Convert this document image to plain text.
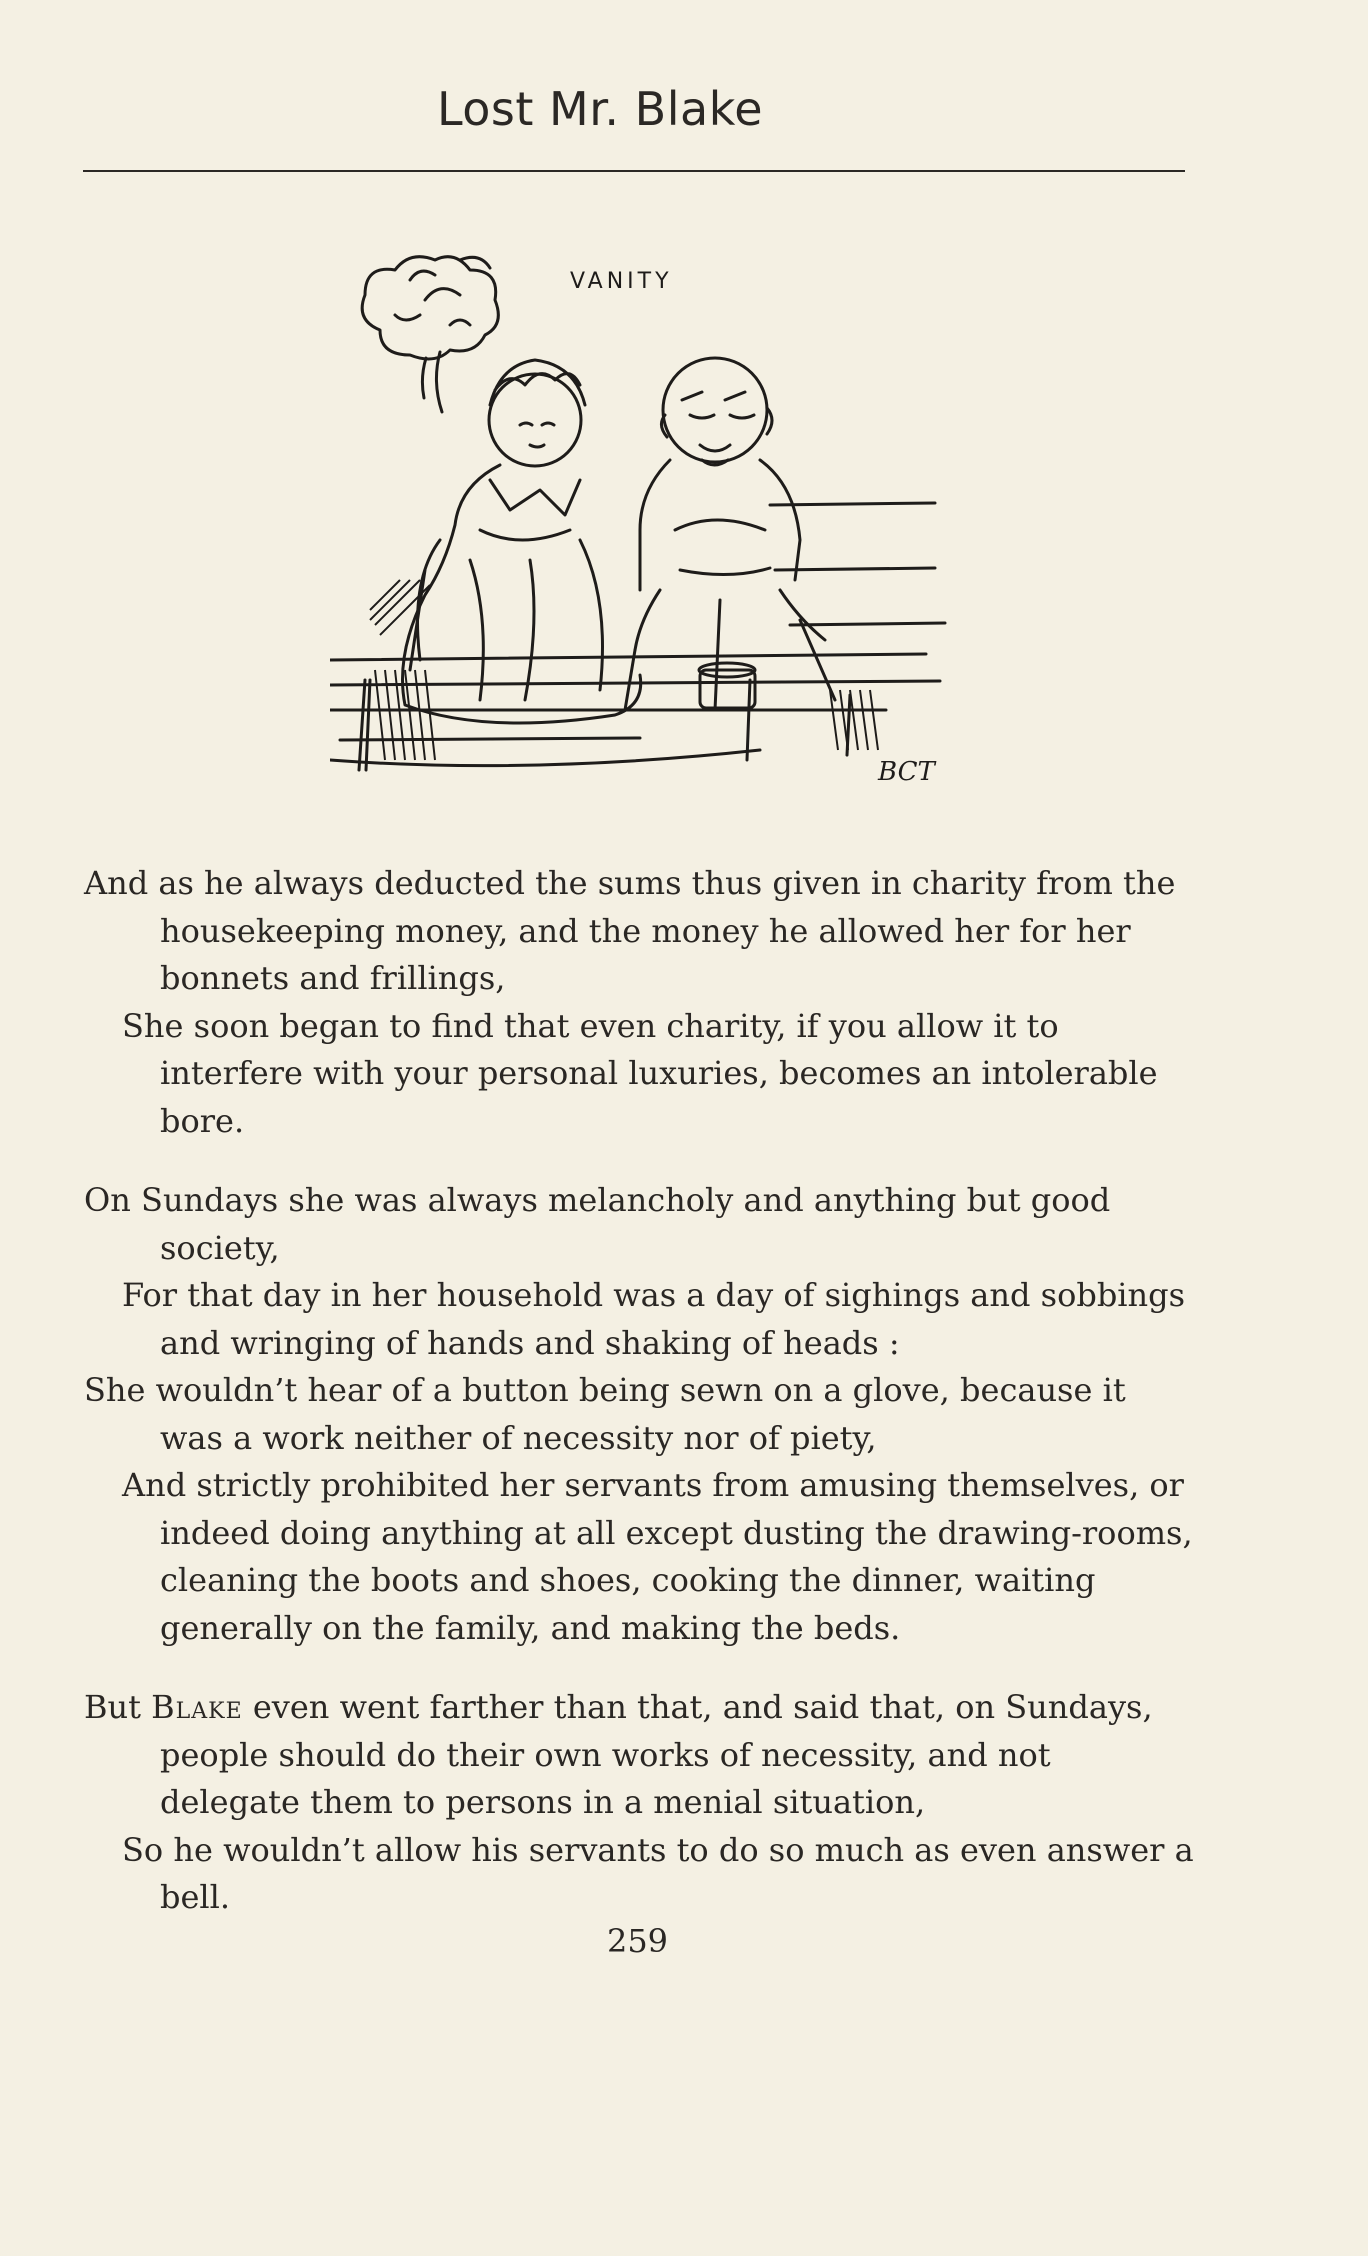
Lost Mr. Blake
VANITY
BCT

And as he always deducted the sums thus given in charity from the housekeeping money, and the money he allowed her for her bonnets and frillings,

She soon began to find that even charity, if you allow it to interfere with your personal luxuries, becomes an intolerable bore.

On Sundays she was always melancholy and anything but good society,

For that day in her household was a day of sighings and sobbings and wringing of hands and shaking of heads :

She wouldn’t hear of a button being sewn on a glove, because it was a work neither of necessity nor of piety,

And strictly prohibited her servants from amusing themselves, or indeed doing anything at all except dusting the drawing-rooms, cleaning the boots and shoes, cooking the dinner, waiting generally on the family, and making the beds.

But Blake even went farther than that, and said that, on Sundays, people should do their own works of necessity, and not delegate them to persons in a menial situation,

So he wouldn’t allow his servants to do so much as even answer a bell.

259
